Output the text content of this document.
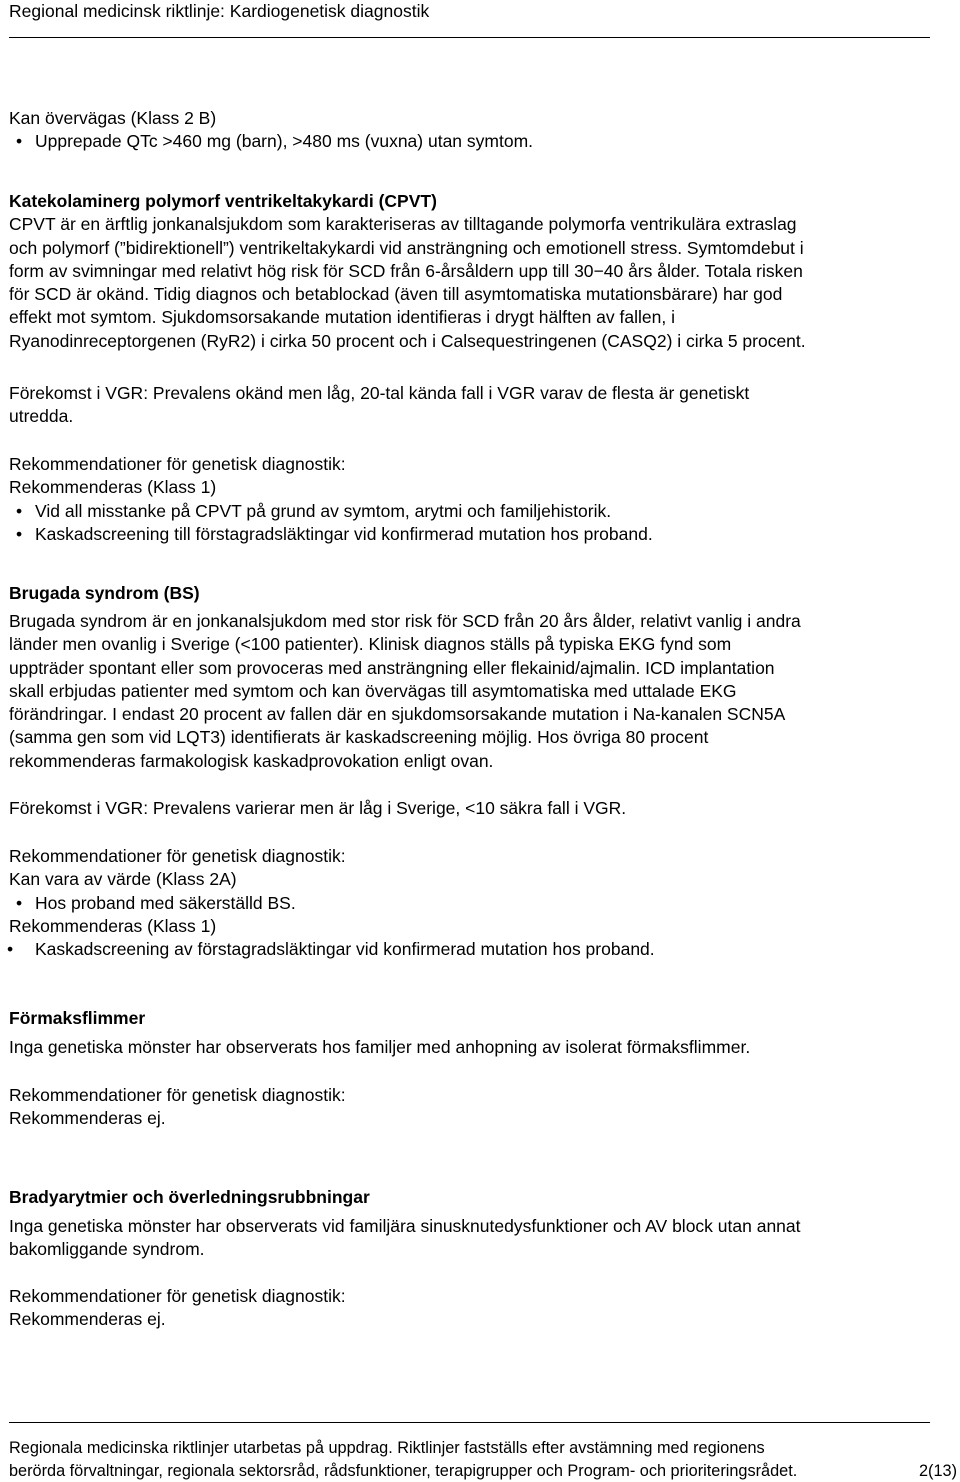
Regional medicinsk riktlinje: Kardiogenetisk diagnostik
Kan övervägas (Klass 2 B)
• Upprepade QTc >460 mg (barn), >480 ms (vuxna) utan symtom.
Katekolaminerg polymorf ventrikeltakykardi (CPVT)
CPVT är en ärftlig jonkanalsjukdom som karakteriseras av tilltagande polymorfa ventrikulära extraslag
och polymorf (”bidirektionell”) ventrikeltakykardi vid ansträngning och emotionell stress. Symtomdebut i
form av svimningar med relativt hög risk för SCD från 6-årsåldern upp till 30−40 års ålder. Totala risken
för SCD är okänd. Tidig diagnos och betablockad (även till asymtomatiska mutationsbärare) har god
effekt mot symtom. Sjukdomsorsakande mutation identifieras i drygt hälften av fallen, i
Ryanodinreceptorgenen (RyR2) i cirka 50 procent och i Calsequestringenen (CASQ2) i cirka 5 procent.
Förekomst i VGR: Prevalens okänd men låg, 20-tal kända fall i VGR varav de flesta är genetiskt
utredda.
Rekommendationer för genetisk diagnostik:
Rekommenderas (Klass 1)
• Vid all misstanke på CPVT på grund av symtom, arytmi och familjehistorik.
• Kaskadscreening till förstagradsläktingar vid konfirmerad mutation hos proband.
Brugada syndrom (BS)
Brugada syndrom är en jonkanalsjukdom med stor risk för SCD från 20 års ålder, relativt vanlig i andra
länder men ovanlig i Sverige (<100 patienter). Klinisk diagnos ställs på typiska EKG fynd som
uppträder spontant eller som provoceras med ansträngning eller flekainid/ajmalin. ICD implantation
skall erbjudas patienter med symtom och kan övervägas till asymtomatiska med uttalade EKG
förändringar. I endast 20 procent av fallen där en sjukdomsorsakande mutation i Na-kanalen SCN5A
(samma gen som vid LQT3) identifierats är kaskadscreening möjlig. Hos övriga 80 procent
rekommenderas farmakologisk kaskadprovokation enligt ovan.
Förekomst i VGR: Prevalens varierar men är låg i Sverige, <10 säkra fall i VGR.
Rekommendationer för genetisk diagnostik:
Kan vara av värde (Klass 2A)
• Hos proband med säkerställd BS.
Rekommenderas (Klass 1)
• Kaskadscreening av förstagradsläktingar vid konfirmerad mutation hos proband.
Förmaksflimmer
Inga genetiska mönster har observerats hos familjer med anhopning av isolerat förmaksflimmer.
Rekommendationer för genetisk diagnostik:
Rekommenderas ej.
Bradyarytmier och överledningsrubbningar
Inga genetiska mönster har observerats vid familjära sinusknutedysfunktioner och AV block utan annat
bakomliggande syndrom.
Rekommendationer för genetisk diagnostik:
Rekommenderas ej.
Regionala medicinska riktlinjer utarbetas på uppdrag. Riktlinjer fastställs efter avstämning med regionens
berörda förvaltningar, regionala sektorsråd, rådsfunktioner, terapigrupper och Program- och prioriteringsrådet.	2(13)
